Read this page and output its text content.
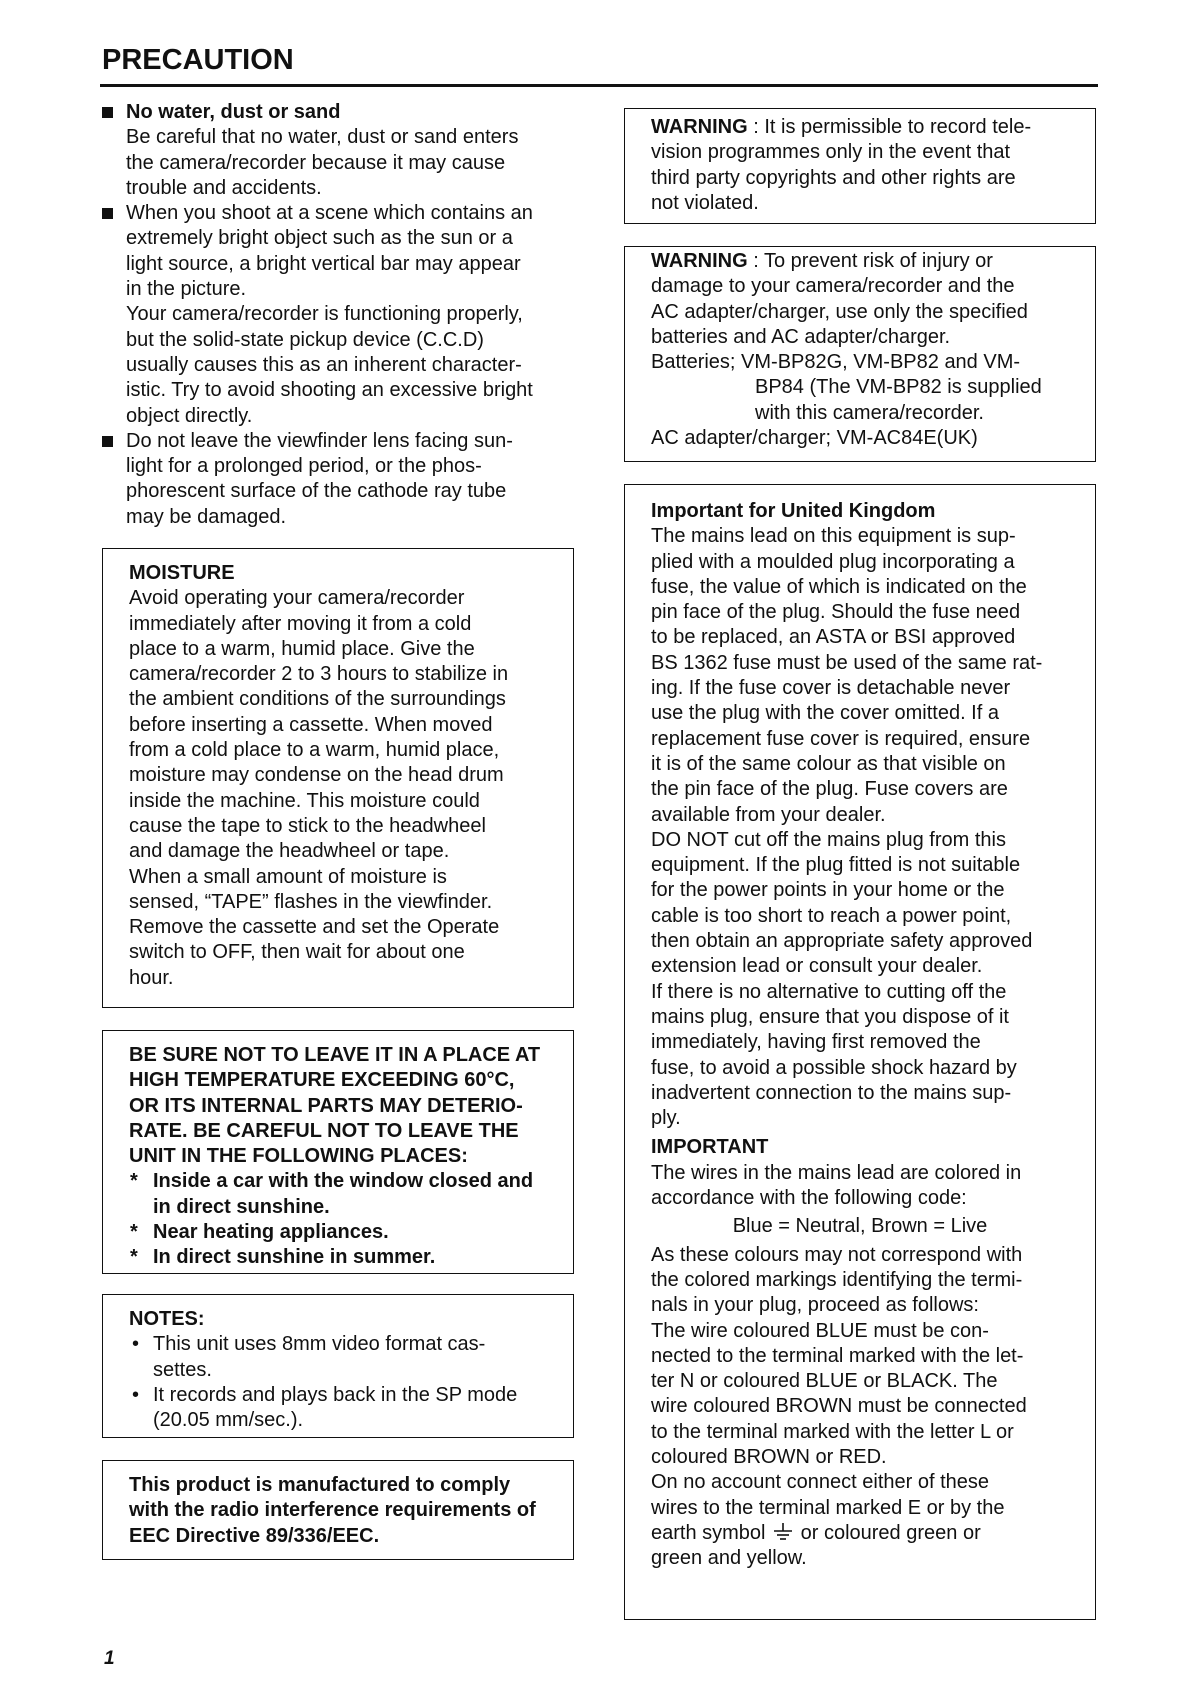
PRECAUTION
No water, dust or sand
Be careful that no water, dust or sand enters
the camera/recorder because it may cause
trouble and accidents.
When you shoot at a scene which contains an
extremely bright object such as the sun or a
light source, a bright vertical bar may appear
in the picture.
Your camera/recorder is functioning properly,
but the solid-state pickup device (C.C.D)
usually causes this as an inherent character-
istic. Try to avoid shooting an excessive bright
object directly.
Do not leave the viewfinder lens facing sun-
light for a prolonged period, or the phos-
phorescent surface of the cathode ray tube
may be damaged.
MOISTURE
Avoid operating your camera/recorder
immediately after moving it from a cold
place to a warm, humid place. Give the
camera/recorder 2 to 3 hours to stabilize in
the ambient conditions of the surroundings
before inserting a cassette. When moved
from a cold place to a warm, humid place,
moisture may condense on the head drum
inside the machine. This moisture could
cause the tape to stick to the headwheel
and damage the headwheel or tape.
When a small amount of moisture is
sensed, “TAPE” flashes in the viewfinder.
Remove the cassette and set the Operate
switch to OFF, then wait for about one
hour.
BE SURE NOT TO LEAVE IT IN A PLACE AT
HIGH TEMPERATURE EXCEEDING 60°C,
OR ITS INTERNAL PARTS MAY DETERIO-
RATE. BE CAREFUL NOT TO LEAVE THE
UNIT IN THE FOLLOWING PLACES:
* Inside a car with the window closed and
in direct sunshine.
* Near heating appliances.
* In direct sunshine in summer.
NOTES:
• This unit uses 8mm video format cas-
settes.
• It records and plays back in the SP mode
(20.05 mm/sec.).
This product is manufactured to comply
with the radio interference requirements of
EEC Directive 89/336/EEC.
WARNING : It is permissible to record tele-
vision programmes only in the event that
third party copyrights and other rights are
not violated.
WARNING : To prevent risk of injury or
damage to your camera/recorder and the
AC adapter/charger, use only the specified
batteries and AC adapter/charger.
Batteries; VM-BP82G, VM-BP82 and VM-
BP84 (The VM-BP82 is supplied
with this camera/recorder.
AC adapter/charger; VM-AC84E(UK)
Important for United Kingdom
The mains lead on this equipment is sup-
plied with a moulded plug incorporating a
fuse, the value of which is indicated on the
pin face of the plug. Should the fuse need
to be replaced, an ASTA or BSI approved
BS 1362 fuse must be used of the same rat-
ing. If the fuse cover is detachable never
use the plug with the cover omitted. If a
replacement fuse cover is required, ensure
it is of the same colour as that visible on
the pin face of the plug. Fuse covers are
available from your dealer.
DO NOT cut off the mains plug from this
equipment. If the plug fitted is not suitable
for the power points in your home or the
cable is too short to reach a power point,
then obtain an appropriate safety approved
extension lead or consult your dealer.
If there is no alternative to cutting off the
mains plug, ensure that you dispose of it
immediately, having first removed the
fuse, to avoid a possible shock hazard by
inadvertent connection to the mains sup-
ply.
IMPORTANT
The wires in the mains lead are colored in
accordance with the following code:
Blue = Neutral, Brown = Live
As these colours may not correspond with
the colored markings identifying the termi-
nals in your plug, proceed as follows:
The wire coloured BLUE must be con-
nected to the terminal marked with the let-
ter N or coloured BLUE or BLACK. The
wire coloured BROWN must be connected
to the terminal marked with the letter L or
coloured BROWN or RED.
On no account connect either of these
wires to the terminal marked E or by the
earth symbol  or coloured green or
green and yellow.
1
